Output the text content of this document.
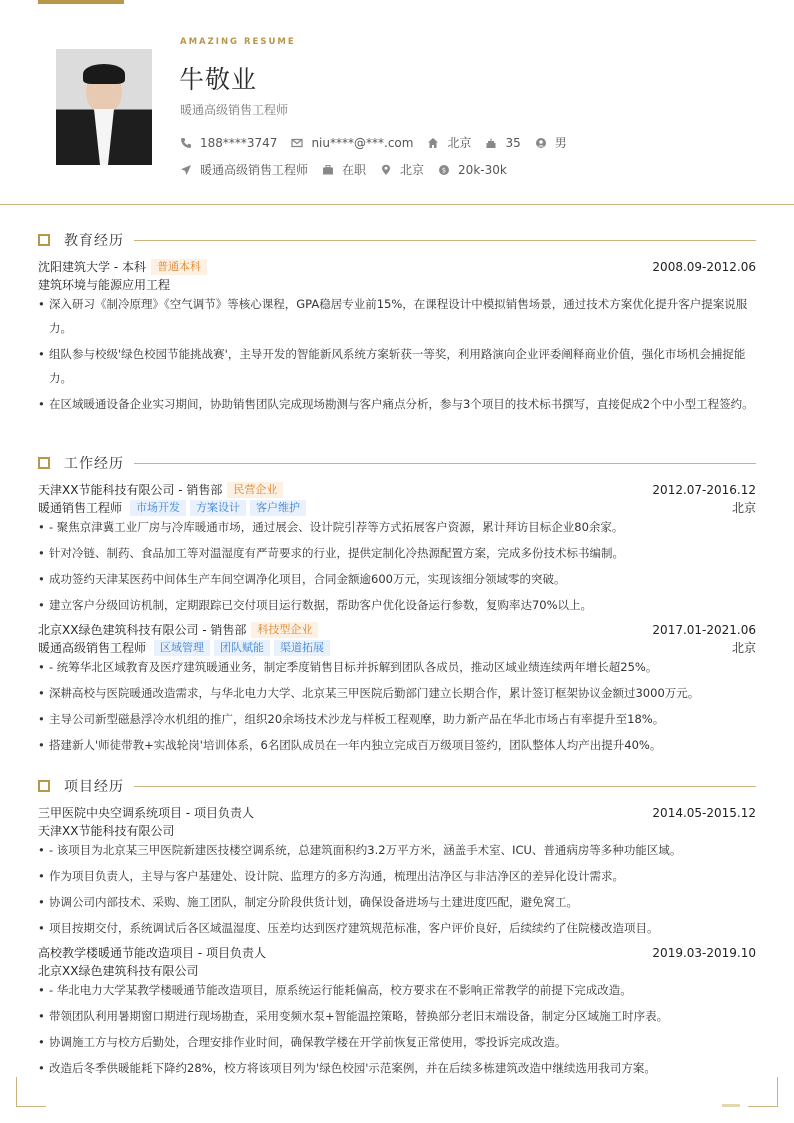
AMAZING RESUME
牛敬业
暖通高级销售工程师
188****3747	niu****@***.com	北京	35	男
暖通高级销售工程师	在职	北京	$ 20k-30k
教育经历
沈阳建筑大学 - 本科	普通本科	2008.09-2012.06
建筑环境与能源应用工程
• 深入研习《制冷原理》《空气调节》等核心课程，GPA稳居专业前15%，在课程设计中模拟销售场景，通过技术方案优化提升客户提案说服力。
• 组队参与校级'绿色校园节能挑战赛'，主导开发的智能新风系统方案斩获一等奖，利用路演向企业评委阐释商业价值，强化市场机会捕捉能力。
• 在区域暖通设备企业实习期间，协助销售团队完成现场勘测与客户痛点分析，参与3个项目的技术标书撰写，直接促成2个中小型工程签约。
工作经历
天津XX节能科技有限公司 - 销售部	民营企业	2012.07-2016.12
暖通销售工程师	市场开发	方案设计	客户维护	北京
• - 聚焦京津冀工业厂房与冷库暖通市场，通过展会、设计院引荐等方式拓展客户资源，累计拜访目标企业80余家。
• 针对冷链、制药、食品加工等对温湿度有严苛要求的行业，提供定制化冷热源配置方案，完成多份技术标书编制。
• 成功签约天津某医药中间体生产车间空调净化项目，合同金额逾600万元，实现该细分领域零的突破。
• 建立客户分级回访机制，定期跟踪已交付项目运行数据，帮助客户优化设备运行参数，复购率达70%以上。
北京XX绿色建筑科技有限公司 - 销售部	科技型企业	2017.01-2021.06
暖通高级销售工程师	区域管理	团队赋能	渠道拓展	北京
• - 统筹华北区域教育及医疗建筑暖通业务，制定季度销售目标并拆解到团队各成员，推动区域业绩连续两年增长超25%。
• 深耕高校与医院暖通改造需求，与华北电力大学、北京某三甲医院后勤部门建立长期合作，累计签订框架协议金额过3000万元。
• 主导公司新型磁悬浮冷水机组的推广，组织20余场技术沙龙与样板工程观摩，助力新产品在华北市场占有率提升至18%。
• 搭建新人'师徒带教+实战轮岗'培训体系，6名团队成员在一年内独立完成百万级项目签约，团队整体人均产出提升40%。
项目经历
三甲医院中央空调系统项目 - 项目负责人	2014.05-2015.12
天津XX节能科技有限公司
• - 该项目为北京某三甲医院新建医技楼空调系统，总建筑面积约3.2万平方米，涵盖手术室、ICU、普通病房等多种功能区域。
• 作为项目负责人，主导与客户基建处、设计院、监理方的多方沟通，梳理出洁净区与非洁净区的差异化设计需求。
• 协调公司内部技术、采购、施工团队，制定分阶段供货计划，确保设备进场与土建进度匹配，避免窝工。
• 项目按期交付，系统调试后各区域温湿度、压差均达到医疗建筑规范标准，客户评价良好，后续续约了住院楼改造项目。
高校教学楼暖通节能改造项目 - 项目负责人	2019.03-2019.10
北京XX绿色建筑科技有限公司
• - 华北电力大学某教学楼暖通节能改造项目，原系统运行能耗偏高，校方要求在不影响正常教学的前提下完成改造。
• 带领团队利用暑期窗口期进行现场勘查，采用变频水泵+智能温控策略，替换部分老旧末端设备，制定分区域施工时序表。
• 协调施工方与校方后勤处，合理安排作业时间，确保教学楼在开学前恢复正常使用，零投诉完成改造。
• 改造后冬季供暖能耗下降约28%，校方将该项目列为'绿色校园'示范案例，并在后续多栋建筑改造中继续选用我司方案。
